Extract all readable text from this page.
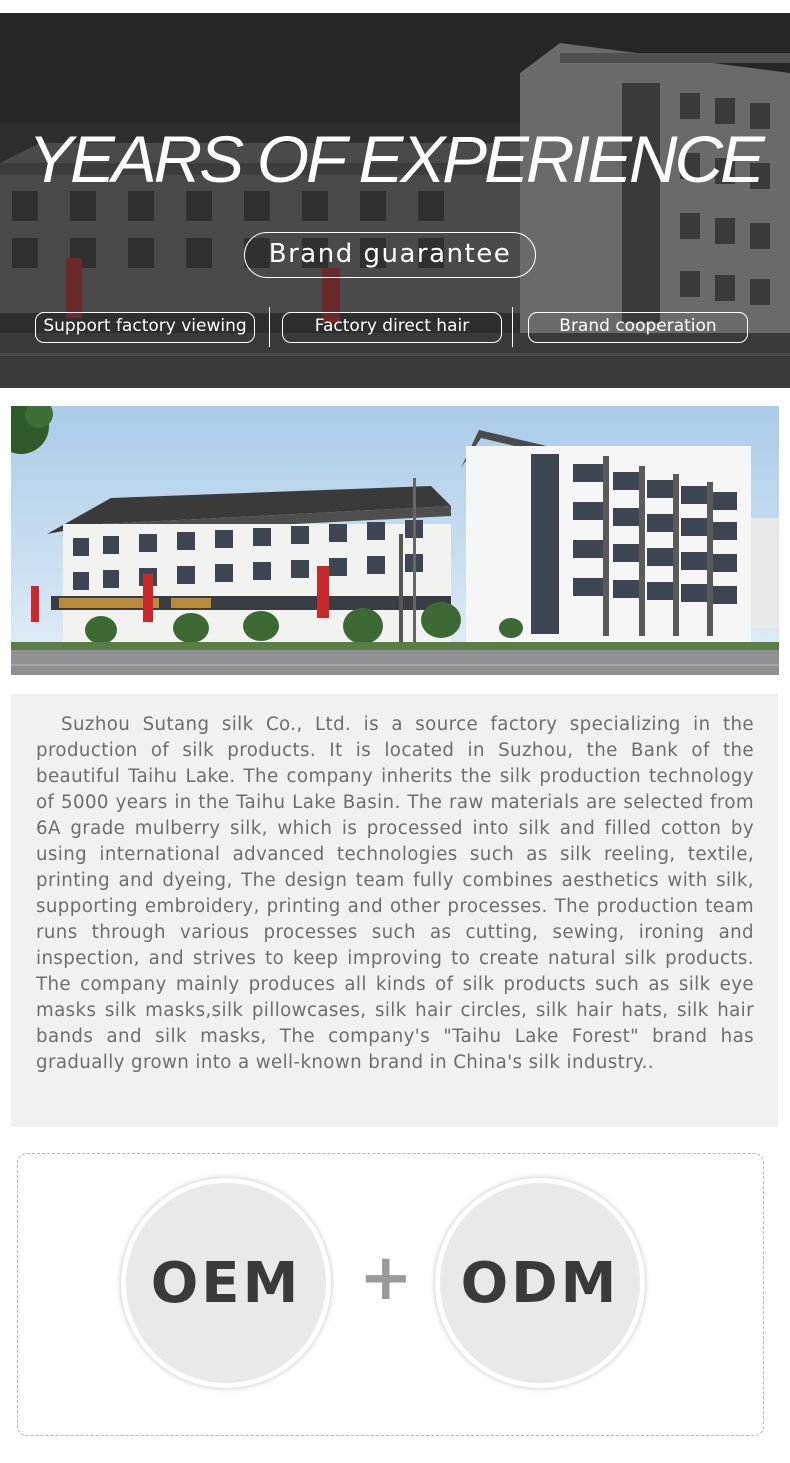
YEARS OF EXPERIENCE
Brand guarantee
Support factory viewing	Factory direct hair	Brand cooperation

Suzhou Sutang silk Co., Ltd. is a source factory specializing in the production of silk products. It is located in Suzhou, the Bank of the beautiful Taihu Lake. The company inherits the silk production technology of 5000 years in the Taihu Lake Basin. The raw materials are selected from 6A grade mulberry silk, which is processed into silk and filled cotton by using international advanced technologies such as silk reeling, textile, printing and dyeing, The design team fully combines aesthetics with silk, supporting embroidery, printing and other processes. The production team runs through various processes such as cutting, sewing, ironing and inspection, and strives to keep improving to create natural silk products. The company mainly produces all kinds of silk products such as silk eye masks silk masks,silk pillowcases, silk hair circles, silk hair hats, silk hair bands and silk masks, The company's "Taihu Lake Forest" brand has gradually grown into a well-known brand in China's silk industry..

OEM + ODM
